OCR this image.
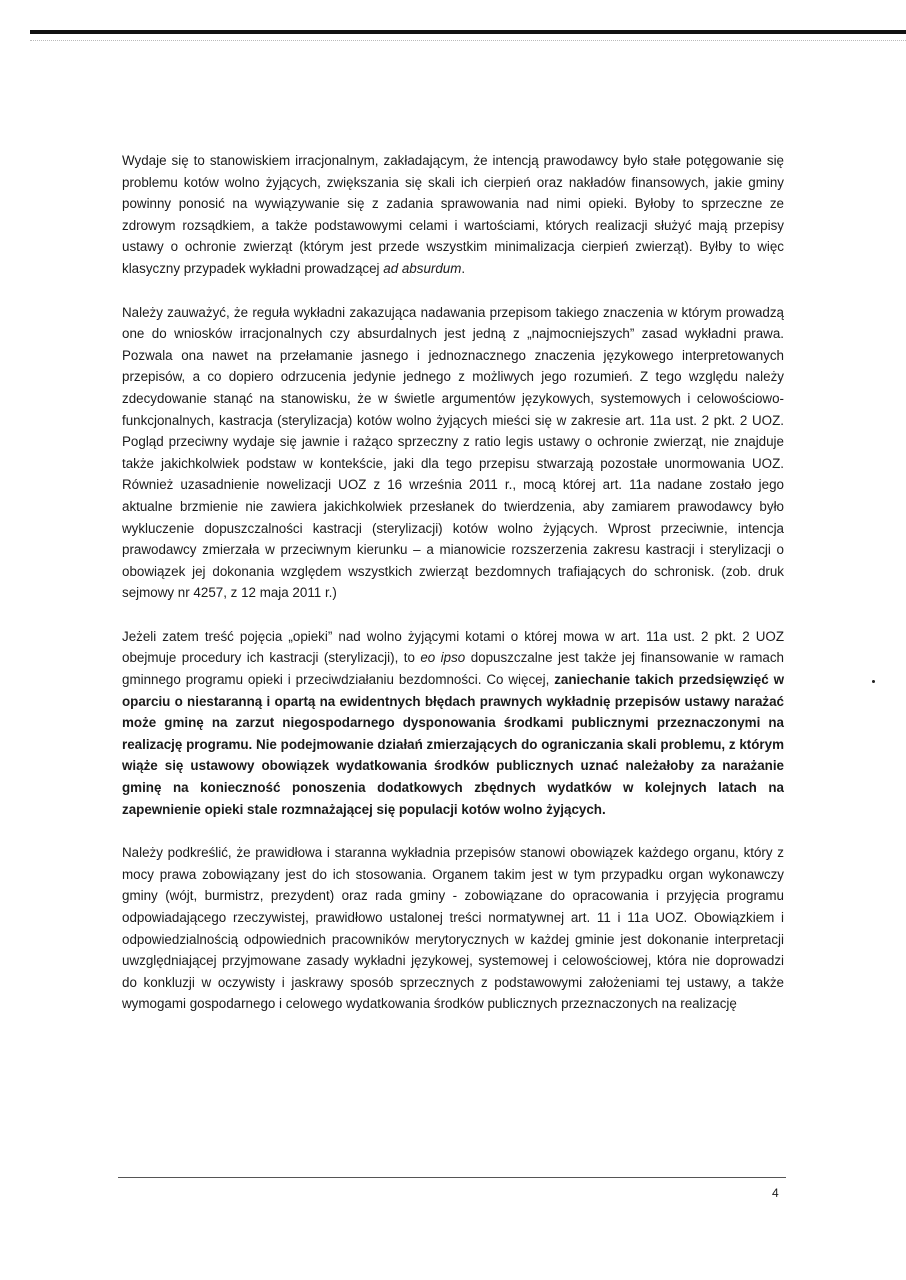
Wydaje się to stanowiskiem irracjonalnym, zakładającym, że intencją prawodawcy było stałe potęgowanie się problemu kotów wolno żyjących, zwiększania się skali ich cierpień oraz nakładów finansowych, jakie gminy powinny ponosić na wywiązywanie się z zadania sprawowania nad nimi opieki. Byłoby to sprzeczne ze zdrowym rozsądkiem, a także podstawowymi celami i wartościami, których realizacji służyć mają przepisy ustawy o ochronie zwierząt (którym jest przede wszystkim minimalizacja cierpień zwierząt). Byłby to więc klasyczny przypadek wykładni prowadzącej ad absurdum.

Należy zauważyć, że reguła wykładni zakazująca nadawania przepisom takiego znaczenia w którym prowadzą one do wniosków irracjonalnych czy absurdalnych jest jedną z „najmocniejszych” zasad wykładni prawa. Pozwala ona nawet na przełamanie jasnego i jednoznacznego znaczenia językowego interpretowanych przepisów, a co dopiero odrzucenia jedynie jednego z możliwych jego rozumień. Z tego względu należy zdecydowanie stanąć na stanowisku, że w świetle argumentów językowych, systemowych i celowościowo-funkcjonalnych, kastracja (sterylizacja) kotów wolno żyjących mieści się w zakresie art. 11a ust. 2 pkt. 2 UOZ. Pogląd przeciwny wydaje się jawnie i rażąco sprzeczny z ratio legis ustawy o ochronie zwierząt, nie znajduje także jakichkolwiek podstaw w kontekście, jaki dla tego przepisu stwarzają pozostałe unormowania UOZ. Również uzasadnienie nowelizacji UOZ z 16 września 2011 r., mocą której art. 11a nadane zostało jego aktualne brzmienie nie zawiera jakichkolwiek przesłanek do twierdzenia, aby zamiarem prawodawcy było wykluczenie dopuszczalności kastracji (sterylizacji) kotów wolno żyjących. Wprost przeciwnie, intencja prawodawcy zmierzała w przeciwnym kierunku – a mianowicie rozszerzenia zakresu kastracji i sterylizacji o obowiązek jej dokonania względem wszystkich zwierząt bezdomnych trafiających do schronisk. (zob. druk sejmowy nr 4257, z 12 maja 2011 r.)

Jeżeli zatem treść pojęcia „opieki” nad wolno żyjącymi kotami o której mowa w art. 11a ust. 2 pkt. 2 UOZ obejmuje procedury ich kastracji (sterylizacji), to eo ipso dopuszczalne jest także jej finansowanie w ramach gminnego programu opieki i przeciwdziałaniu bezdomności. Co więcej, zaniechanie takich przedsięwzięć w oparciu o niestaranną i opartą na ewidentnych błędach prawnych wykładnię przepisów ustawy narażać może gminę na zarzut niegospodarnego dysponowania środkami publicznymi przeznaczonymi na realizację programu. Nie podejmowanie działań zmierzających do ograniczania skali problemu, z którym wiąże się ustawowy obowiązek wydatkowania środków publicznych uznać należałoby za narażanie gminę na konieczność ponoszenia dodatkowych zbędnych wydatków w kolejnych latach na zapewnienie opieki stale rozmnażającej się populacji kotów wolno żyjących.

Należy podkreślić, że prawidłowa i staranna wykładnia przepisów stanowi obowiązek każdego organu, który z mocy prawa zobowiązany jest do ich stosowania. Organem takim jest w tym przypadku organ wykonawczy gminy (wójt, burmistrz, prezydent) oraz rada gminy - zobowiązane do opracowania i przyjęcia programu odpowiadającego rzeczywistej, prawidłowo ustalonej treści normatywnej art. 11 i 11a UOZ. Obowiązkiem i odpowiedzialnością odpowiednich pracowników merytorycznych w każdej gminie jest dokonanie interpretacji uwzględniającej przyjmowane zasady wykładni językowej, systemowej i celowościowej, która nie doprowadzi do konkluzji w oczywisty i jaskrawy sposób sprzecznych z podstawowymi założeniami tej ustawy, a także wymogami gospodarnego i celowego wydatkowania środków publicznych przeznaczonych na realizację

4
